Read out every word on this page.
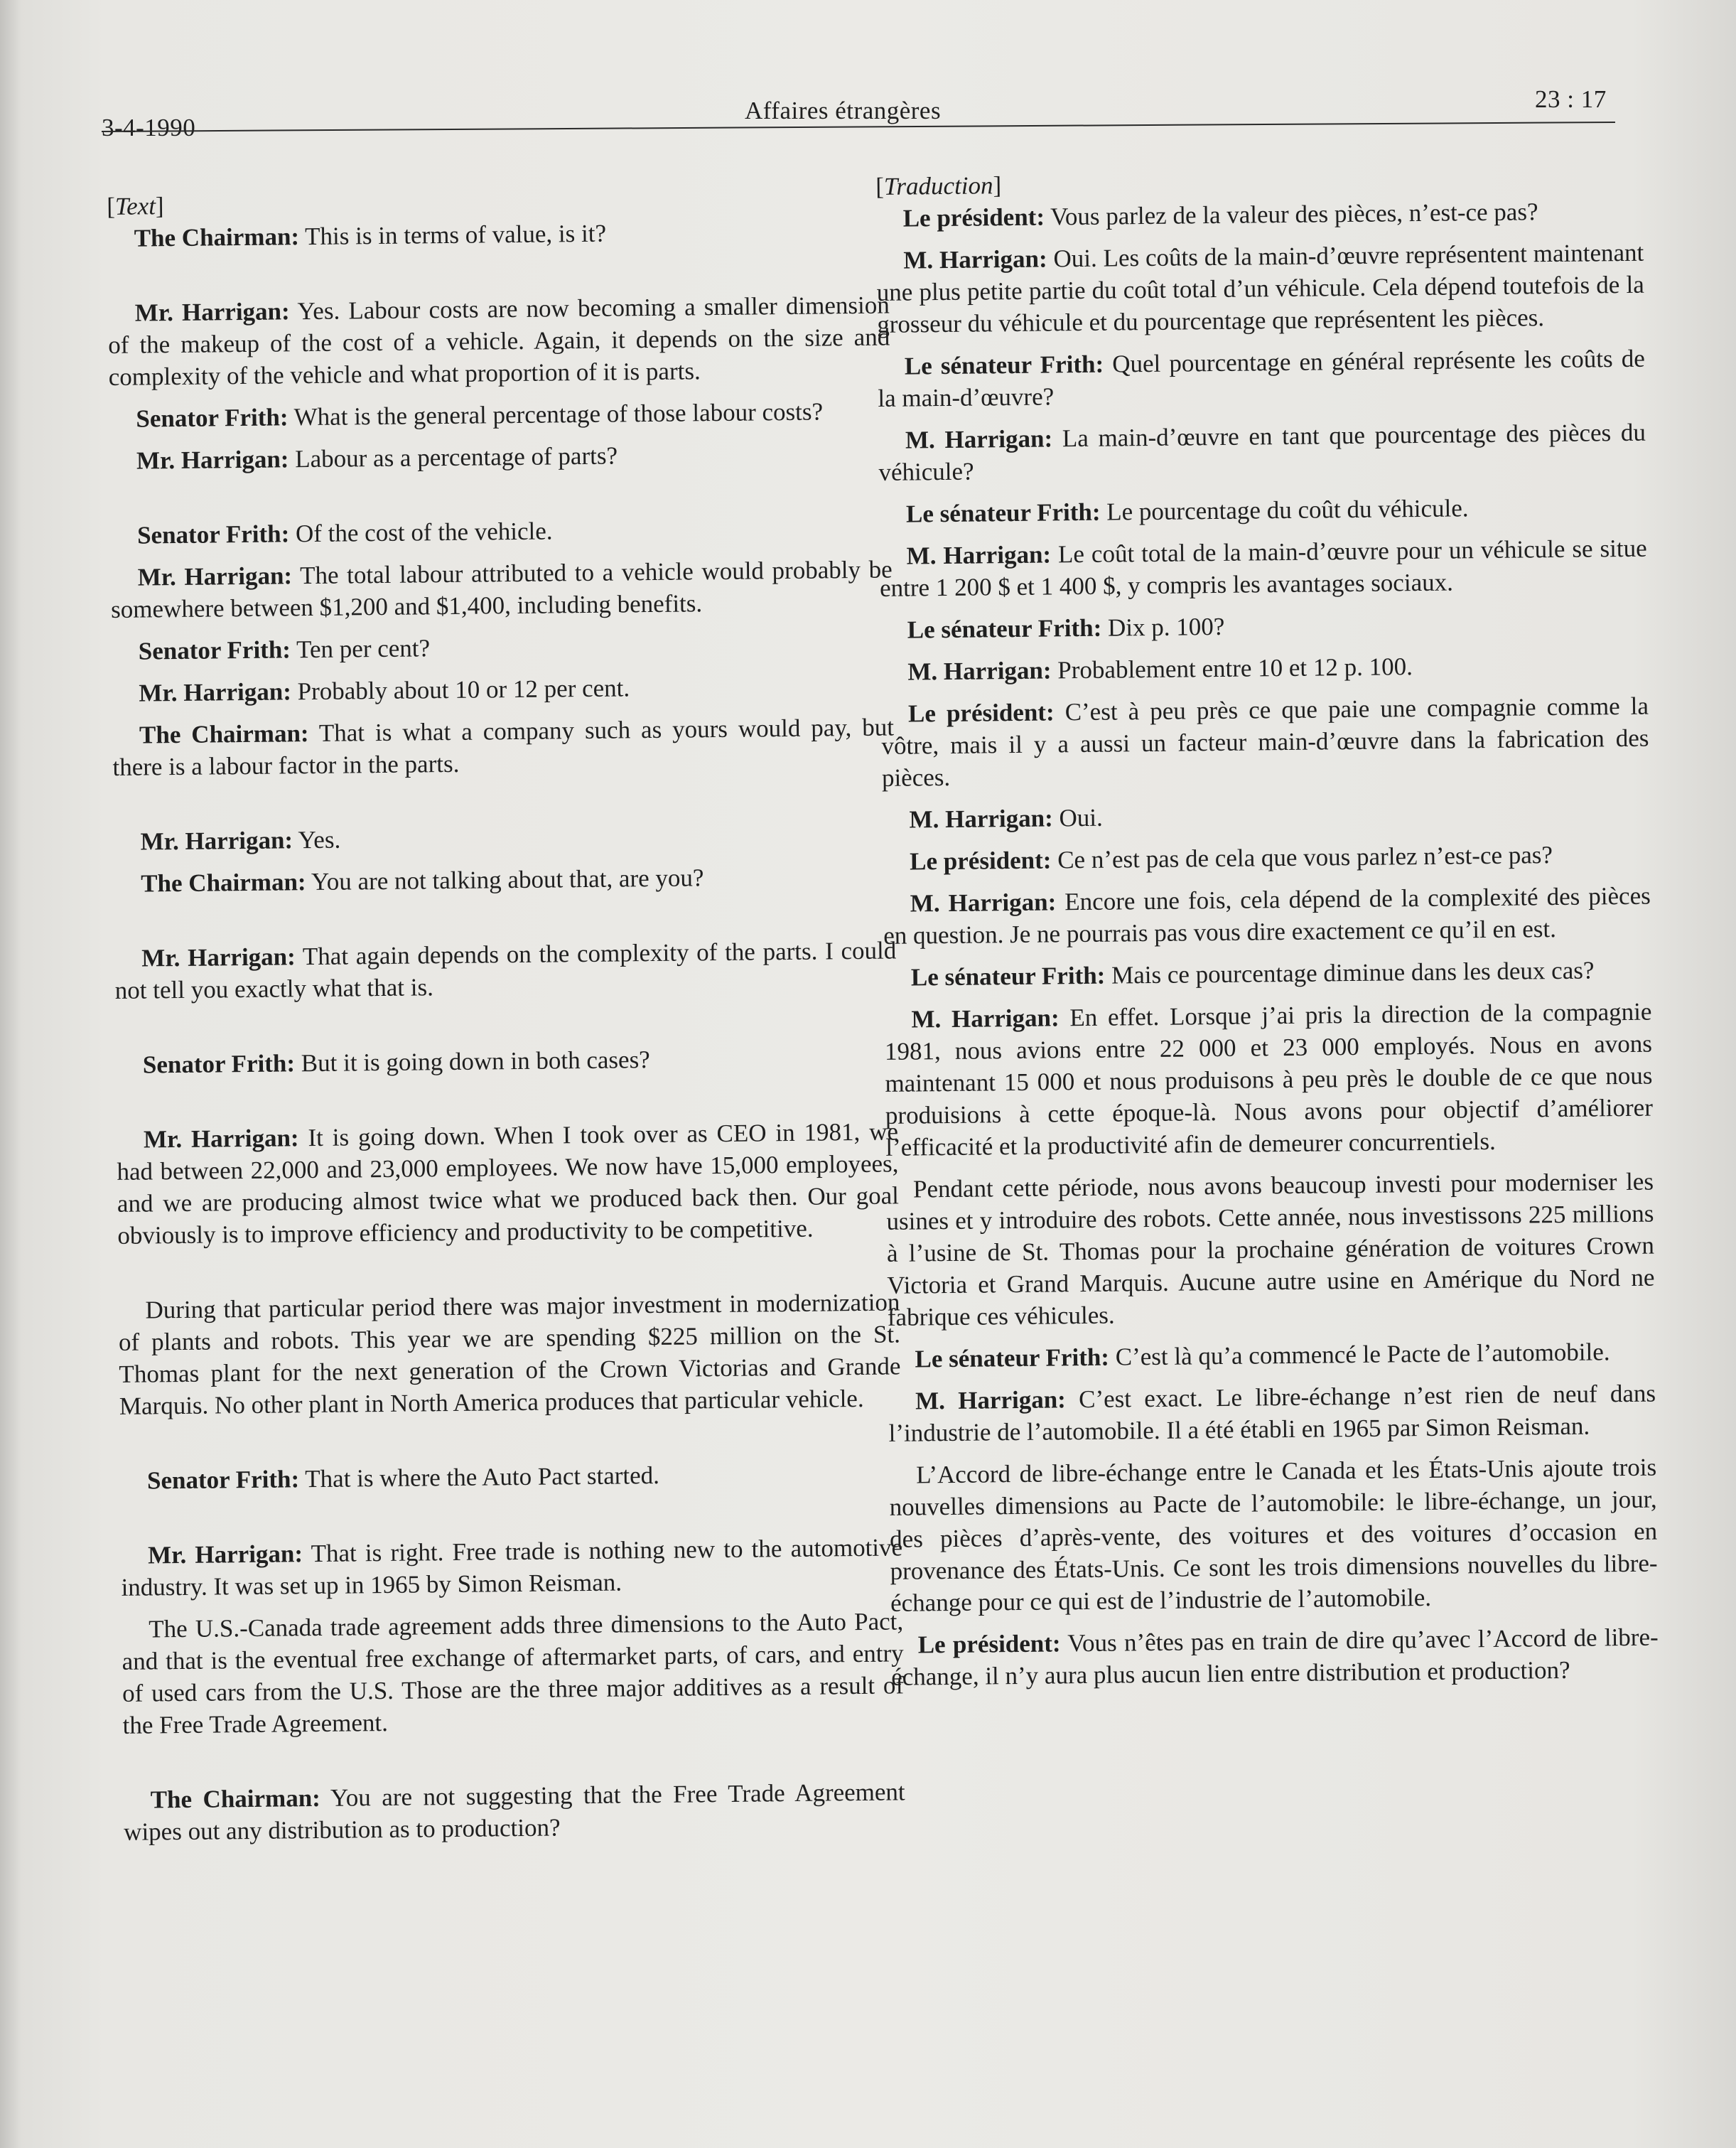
3-4-1990
Affaires étrangères	23 : 17

[Text]

The Chairman: This is in terms of value, is it?

Mr. Harrigan: Yes. Labour costs are now becoming a smaller dimension of the makeup of the cost of a vehicle. Again, it depends on the size and complexity of the vehicle and what proportion of it is parts.

Senator Frith: What is the general percentage of those labour costs?

Mr. Harrigan: Labour as a percentage of parts?

Senator Frith: Of the cost of the vehicle.

Mr. Harrigan: The total labour attributed to a vehicle would probably be somewhere between $1,200 and $1,400, including benefits.

Senator Frith: Ten per cent?

Mr. Harrigan: Probably about 10 or 12 per cent.

The Chairman: That is what a company such as yours would pay, but there is a labour factor in the parts.

Mr. Harrigan: Yes.

The Chairman: You are not talking about that, are you?

Mr. Harrigan: That again depends on the complexity of the parts. I could not tell you exactly what that is.

Senator Frith: But it is going down in both cases?

Mr. Harrigan: It is going down. When I took over as CEO in 1981, we had between 22,000 and 23,000 employees. We now have 15,000 employees, and we are producing almost twice what we produced back then. Our goal obviously is to improve efficiency and productivity to be competitive.

During that particular period there was major investment in modernization of plants and robots. This year we are spending $225 million on the St. Thomas plant for the next generation of the Crown Victorias and Grande Marquis. No other plant in North America produces that particular vehicle.

Senator Frith: That is where the Auto Pact started.

Mr. Harrigan: That is right. Free trade is nothing new to the automotive industry. It was set up in 1965 by Simon Reisman.

The U.S.-Canada trade agreement adds three dimensions to the Auto Pact, and that is the eventual free exchange of aftermarket parts, of cars, and entry of used cars from the U.S. Those are the three major additives as a result of the Free Trade Agreement.

The Chairman: You are not suggesting that the Free Trade Agreement wipes out any distribution as to production?

[Traduction]

Le président: Vous parlez de la valeur des pièces, n’est-ce pas?

M. Harrigan: Oui. Les coûts de la main-d’œuvre représentent maintenant une plus petite partie du coût total d’un véhicule. Cela dépend toutefois de la grosseur du véhicule et du pourcentage que représentent les pièces.

Le sénateur Frith: Quel pourcentage en général représente les coûts de la main-d’œuvre?

M. Harrigan: La main-d’œuvre en tant que pourcentage des pièces du véhicule?

Le sénateur Frith: Le pourcentage du coût du véhicule.

M. Harrigan: Le coût total de la main-d’œuvre pour un véhicule se situe entre 1 200 $ et 1 400 $, y compris les avantages sociaux.

Le sénateur Frith: Dix p. 100?

M. Harrigan: Probablement entre 10 et 12 p. 100.

Le président: C’est à peu près ce que paie une compagnie comme la vôtre, mais il y a aussi un facteur main-d’œuvre dans la fabrication des pièces.

M. Harrigan: Oui.

Le président: Ce n’est pas de cela que vous parlez n’est-ce pas?

M. Harrigan: Encore une fois, cela dépend de la complexité des pièces en question. Je ne pourrais pas vous dire exactement ce qu’il en est.

Le sénateur Frith: Mais ce pourcentage diminue dans les deux cas?

M. Harrigan: En effet. Lorsque j’ai pris la direction de la compagnie 1981, nous avions entre 22 000 et 23 000 employés. Nous en avons maintenant 15 000 et nous produisons à peu près le double de ce que nous produisions à cette époque-là. Nous avons pour objectif d’améliorer l’efficacité et la productivité afin de demeurer concurrentiels.

Pendant cette période, nous avons beaucoup investi pour moderniser les usines et y introduire des robots. Cette année, nous investissons 225 millions à l’usine de St. Thomas pour la prochaine génération de voitures Crown Victoria et Grand Marquis. Aucune autre usine en Amérique du Nord ne fabrique ces véhicules.

Le sénateur Frith: C’est là qu’a commencé le Pacte de l’automobile.

M. Harrigan: C’est exact. Le libre-échange n’est rien de neuf dans l’industrie de l’automobile. Il a été établi en 1965 par Simon Reisman.

L’Accord de libre-échange entre le Canada et les États-Unis ajoute trois nouvelles dimensions au Pacte de l’automobile: le libre-échange, un jour, des pièces d’après-vente, des voitures et des voitures d’occasion en provenance des États-Unis. Ce sont les trois dimensions nouvelles du libre-échange pour ce qui est de l’industrie de l’automobile.

Le président: Vous n’êtes pas en train de dire qu’avec l’Accord de libre-échange, il n’y aura plus aucun lien entre distribution et production?
